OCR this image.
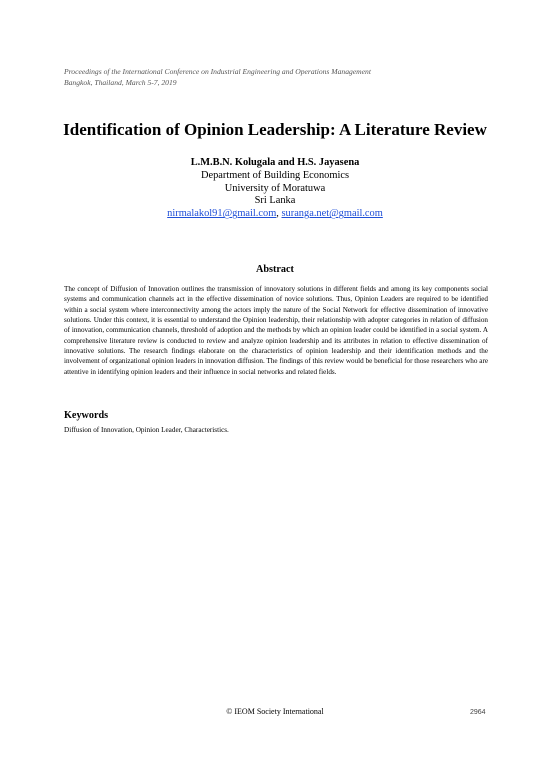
Proceedings of the International Conference on Industrial Engineering and Operations Management
Bangkok, Thailand, March 5-7, 2019
Identification of Opinion Leadership: A Literature Review
L.M.B.N. Kolugala and H.S. Jayasena
Department of Building Economics
University of Moratuwa
Sri Lanka
nirmalakol91@gmail.com, suranga.net@gmail.com
Abstract
The concept of Diffusion of Innovation outlines the transmission of innovatory solutions in different fields and among its key components social systems and communication channels act in the effective dissemination of novice solutions. Thus, Opinion Leaders are required to be identified within a social system where interconnectivity among the actors imply the nature of the Social Network for effective dissemination of innovative solutions. Under this context, it is essential to understand the Opinion leadership, their relationship with adopter categories in relation of diffusion of innovation, communication channels, threshold of adoption and the methods by which an opinion leader could be identified in a social system. A comprehensive literature review is conducted to review and analyze opinion leadership and its attributes in relation to effective dissemination of innovative solutions. The research findings elaborate on the characteristics of opinion leadership and their identification methods and the involvement of organizational opinion leaders in innovation diffusion. The findings of this review would be beneficial for those researchers who are attentive in identifying opinion leaders and their influence in social networks and related fields.
Keywords
Diffusion of Innovation, Opinion Leader, Characteristics.
© IEOM Society International	2964
